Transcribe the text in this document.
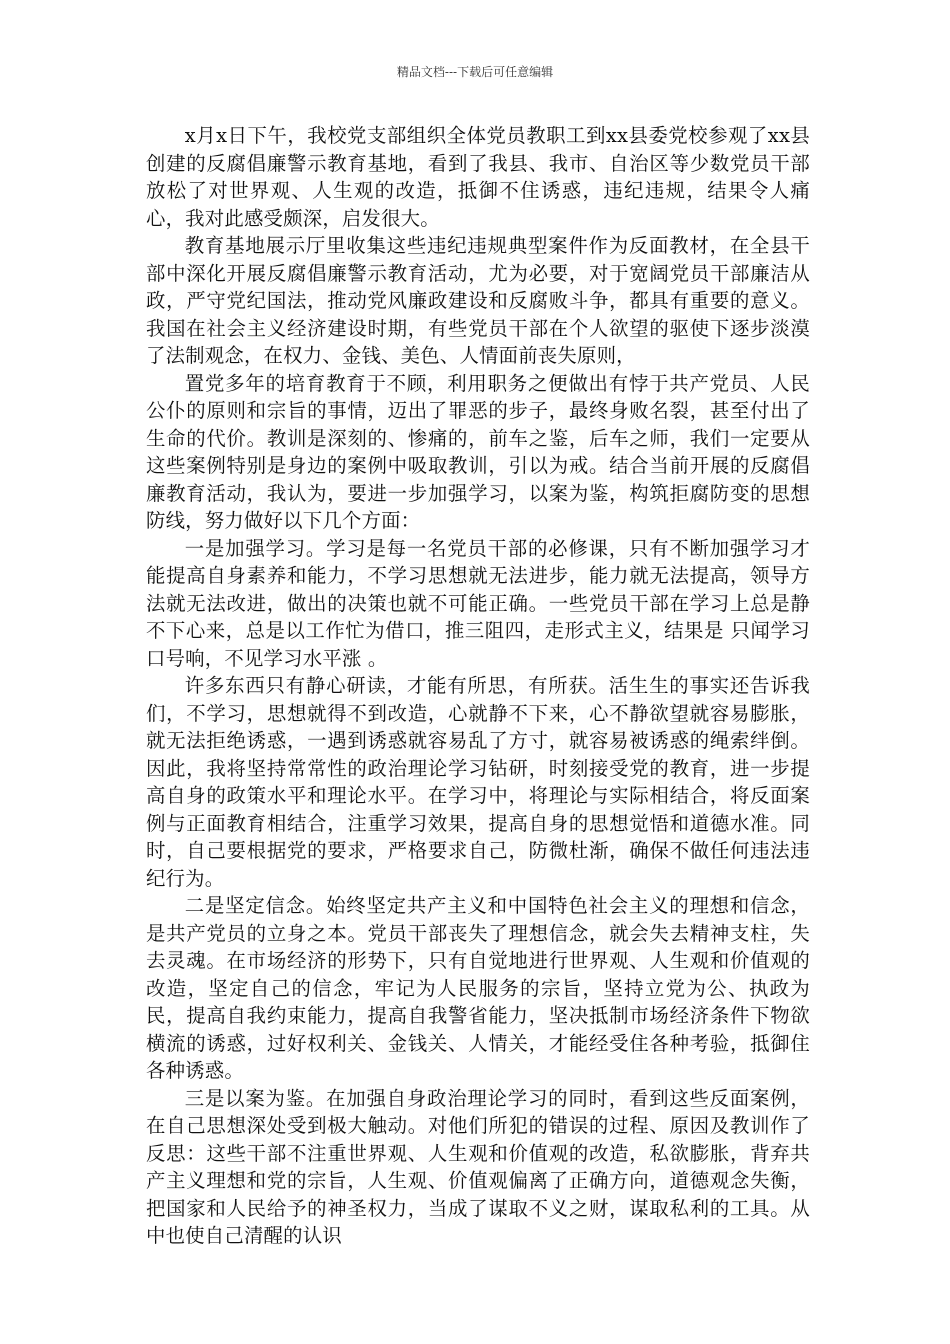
精品文档---下载后可任意编辑

x月x日下午，我校党支部组织全体党员教职工到xx县委党校参观了xx县创建的反腐倡廉警示教育基地，看到了我县、我市、自治区等少数党员干部放松了对世界观、人生观的改造，抵御不住诱惑，违纪违规，结果令人痛心，我对此感受颇深，启发很大。

教育基地展示厅里收集这些违纪违规典型案件作为反面教材，在全县干部中深化开展反腐倡廉警示教育活动，尤为必要，对于宽阔党员干部廉洁从政，严守党纪国法，推动党风廉政建设和反腐败斗争，都具有重要的意义。我国在社会主义经济建设时期，有些党员干部在个人欲望的驱使下逐步淡漠了法制观念，在权力、金钱、美色、人情面前丧失原则，

置党多年的培育教育于不顾，利用职务之便做出有悖于共产党员、人民公仆的原则和宗旨的事情，迈出了罪恶的步子，最终身败名裂，甚至付出了生命的代价。教训是深刻的、惨痛的，前车之鉴，后车之师，我们一定要从这些案例特别是身边的案例中吸取教训，引以为戒。结合当前开展的反腐倡廉教育活动，我认为，要进一步加强学习，以案为鉴，构筑拒腐防变的思想防线，努力做好以下几个方面：

一是加强学习。学习是每一名党员干部的必修课，只有不断加强学习才能提高自身素养和能力，不学习思想就无法进步，能力就无法提高，领导方法就无法改进，做出的决策也就不可能正确。一些党员干部在学习上总是静不下心来，总是以工作忙为借口，推三阻四，走形式主义，结果是 只闻学习口号响，不见学习水平涨 。

许多东西只有静心研读，才能有所思，有所获。活生生的事实还告诉我们，不学习，思想就得不到改造，心就静不下来，心不静欲望就容易膨胀，就无法拒绝诱惑，一遇到诱惑就容易乱了方寸，就容易被诱惑的绳索绊倒。因此，我将坚持常常性的政治理论学习钻研，时刻接受党的教育，进一步提高自身的政策水平和理论水平。在学习中，将理论与实际相结合，将反面案例与正面教育相结合，注重学习效果，提高自身的思想觉悟和道德水准。同时，自己要根据党的要求，严格要求自己，防微杜渐，确保不做任何违法违纪行为。

二是坚定信念。始终坚定共产主义和中国特色社会主义的理想和信念，是共产党员的立身之本。党员干部丧失了理想信念，就会失去精神支柱，失去灵魂。在市场经济的形势下，只有自觉地进行世界观、人生观和价值观的改造，坚定自己的信念，牢记为人民服务的宗旨，坚持立党为公、执政为民，提高自我约束能力，提高自我警省能力，坚决抵制市场经济条件下物欲横流的诱惑，过好权利关、金钱关、人情关，才能经受住各种考验，抵御住各种诱惑。

三是以案为鉴。在加强自身政治理论学习的同时，看到这些反面案例，在自己思想深处受到极大触动。对他们所犯的错误的过程、原因及教训作了反思：这些干部不注重世界观、人生观和价值观的改造，私欲膨胀，背弃共产主义理想和党的宗旨，人生观、价值观偏离了正确方向，道德观念失衡，把国家和人民给予的神圣权力，当成了谋取不义之财，谋取私利的工具。从中也使自己清醒的认识
